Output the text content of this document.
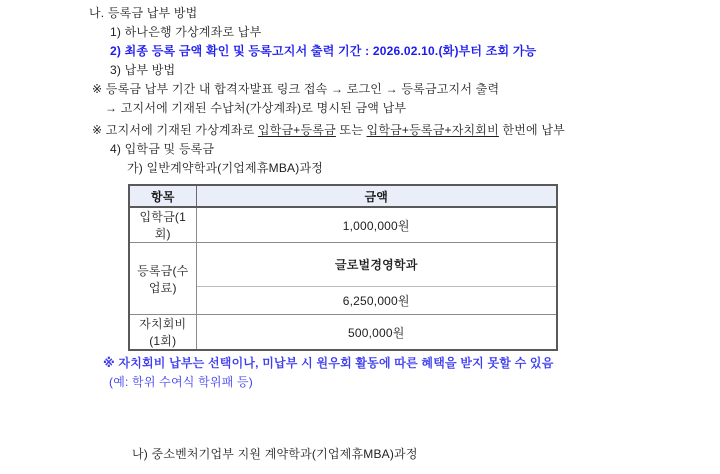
나. 등록금 납부 방법
1) 하나은행 가상계좌로 납부
2) 최종 등록 금액 확인 및 등록고지서 출력 기간 : 2026.02.10.(화)부터 조회 가능
3) 납부 방법
※ 등록금 납부 기간 내 합격자발표 링크 접속 → 로그인 → 등록금고지서 출력
→ 고지서에 기재된 수납처(가상계좌)로 명시된 금액 납부
※ 고지서에 기재된 가상계좌로 입학금+등록금 또는 입학금+등록금+자치회비 한번에 납부
4) 입학금 및 등록금
가) 일반계약학과(기업제휴MBA)과정
항목	금액
입학금(1회)	1,000,000원
등록금(수업료)	글로벌경영학과
	6,250,000원
자치회비(1회)	500,000원
※ 자치회비 납부는 선택이나, 미납부 시 원우회 활동에 따른 혜택을 받지 못할 수 있음
(예: 학위 수여식 학위패 등)
나) 중소벤처기업부 지원 계약학과(기업제휴MBA)과정
